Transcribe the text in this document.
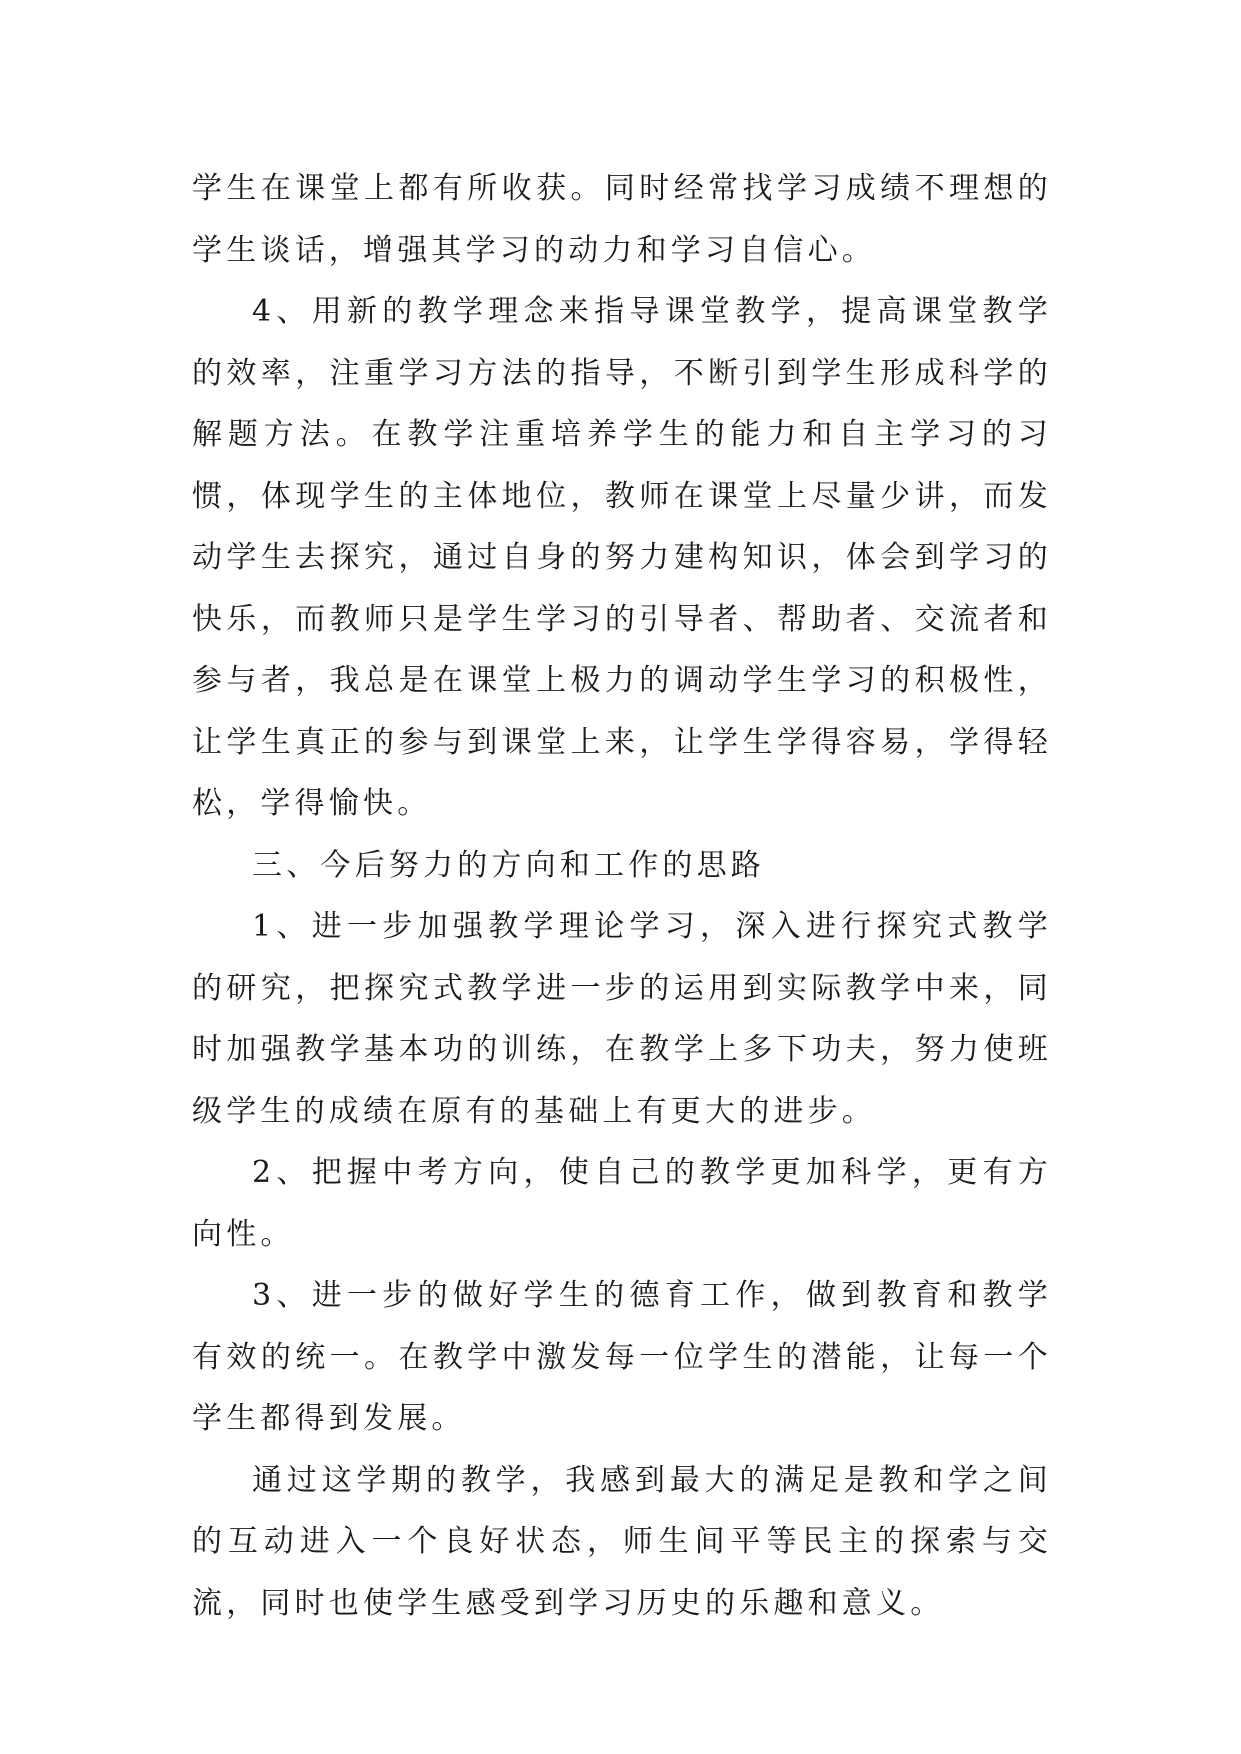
学生在课堂上都有所收获。同时经常找学习成绩不理想的学生谈话，增强其学习的动力和学习自信心。

4、用新的教学理念来指导课堂教学，提高课堂教学的效率，注重学习方法的指导，不断引到学生形成科学的解题方法。在教学注重培养学生的能力和自主学习的习惯，体现学生的主体地位，教师在课堂上尽量少讲，而发动学生去探究，通过自身的努力建构知识，体会到学习的快乐，而教师只是学生学习的引导者、帮助者、交流者和参与者，我总是在课堂上极力的调动学生学习的积极性，让学生真正的参与到课堂上来，让学生学得容易，学得轻松，学得愉快。

三、今后努力的方向和工作的思路

1、进一步加强教学理论学习，深入进行探究式教学的研究，把探究式教学进一步的运用到实际教学中来，同时加强教学基本功的训练，在教学上多下功夫，努力使班级学生的成绩在原有的基础上有更大的进步。

2、把握中考方向，使自己的教学更加科学，更有方向性。

3、进一步的做好学生的德育工作，做到教育和教学有效的统一。在教学中激发每一位学生的潜能，让每一个学生都得到发展。

通过这学期的教学，我感到最大的满足是教和学之间的互动进入一个良好状态，师生间平等民主的探索与交流，同时也使学生感受到学习历史的乐趣和意义。
